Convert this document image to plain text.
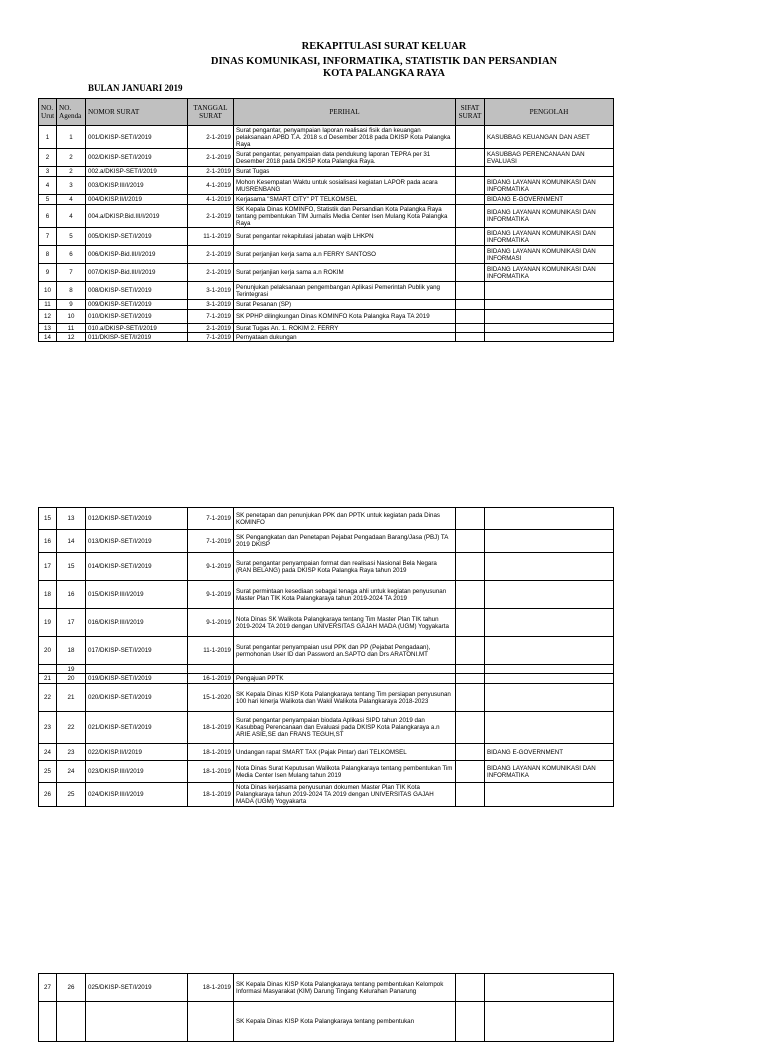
REKAPITULASI SURAT KELUAR
DINAS KOMUNIKASI, INFORMATIKA, STATISTIK DAN PERSANDIAN
KOTA PALANGKA RAYA
BULAN JANUARI 2019
NO. Urut	NO. Agenda	NOMOR SURAT	TANGGAL SURAT	PERIHAL	SIFAT SURAT	PENGOLAH
1	1	001/DKISP-SET/I/2019	2-1-2019	Surat pengantar, penyampaian laporan realisasi fisik dan keuangan pelaksanaan APBD T.A. 2018 s.d Desember 2018 pada DKISP Kota Palangka Raya		KASUBBAG KEUANGAN DAN ASET
2	2	002/DKISP-SET/I/2019	2-1-2019	Surat pengantar, penyampaian data pendukung laporan TEPRA per 31 Desember 2018 pada DKISP Kota Palangka Raya.		KASUBBAG PERENCANAAN DAN EVALUASI
3	2	002.a/DKISP-SET/I/2019	2-1-2019	Surat Tugas		
4	3	003/DKISP.III/I/2019	4-1-2019	Mohon Kesempatan Waktu untuk sosialisasi kegiatan LAPOR pada acara MUSRENBANG		BIDANG LAYANAN KOMUNIKASI DAN INFORMATIKA
5	4	004/DKISP.II/I/2019	4-1-2019	Kerjasama "SMART CITY" PT TELKOMSEL		BIDANG E-GOVERNMENT
6	4	004.a/DKISP.Bid.III/I/2019	2-1-2019	SK Kepala Dinas KOMINFO, Statistik dan Persandian Kota Palangka Raya tentang pembentukan TIM Jurnalis Media Center Isen Mulang Kota Palangka Raya		BIDANG LAYANAN KOMUNIKASI DAN INFORMATIKA
7	5	005/DKISP-SET/I/2019	11-1-2019	Surat pengantar rekapitulasi jabatan wajib LHKPN		BIDANG LAYANAN KOMUNIKASI DAN INFORMATIKA
8	6	006/DKISP-Bid.III/I/2019	2-1-2019	Surat perjanjian kerja sama a.n FERRY SANTOSO		BIDANG LAYANAN KOMUNIKASI DAN INFORMASI
9	7	007/DKISP-Bid.III/I/2019	2-1-2019	Surat perjanjian kerja sama a.n ROKIM		BIDANG LAYANAN KOMUNIKASI DAN INFORMATIKA
10	8	008/DKISP-SET/I/2019	3-1-2019	Penunjukan pelaksanaan pengembangan Aplikasi Pemerintah Publik yang Terintegrasi		
11	9	009/DKISP-SET/I/2019	3-1-2019	Surat Pesanan (SP)		
12	10	010/DKISP-SET/I/2019	7-1-2019	SK PPHP dilingkungan Dinas KOMINFO Kota Palangka Raya TA 2019		
13	11	010.a/DKISP-SET/I/2019	2-1-2019	Surat Tugas An. 1. ROKIM 2. FERRY		
14	12	011/DKISP-SET/I/2019	7-1-2019	Pernyataan dukungan		
15	13	012/DKISP-SET/I/2019	7-1-2019	SK penetapan dan penunjukan PPK dan PPTK untuk kegiatan pada Dinas KOMINFO		
16	14	013/DKISP-SET/I/2019	7-1-2019	SK Pengangkatan dan Penetapan Pejabat Pengadaan Barang/Jasa (PBJ) TA 2019 DKISP		
17	15	014/DKISP-SET/I/2019	9-1-2019	Surat pengantar penyampaian format dan realisasi Nasional Bela Negara (RAN BELANG) pada DKISP Kota Palangka Raya tahun 2019		
18	16	015/DKISP.III/I/2019	9-1-2019	Surat permintaan kesediaan sebagai tenaga ahli untuk kegiatan penyusunan Master Plan TIK Kota Palangkaraya tahun 2019-2024 TA 2019		
19	17	016/DKISP.III/I/2019	9-1-2019	Nota Dinas SK Walikota Palangkaraya tentang Tim Master Plan TIK tahun 2019-2024 TA 2019 dengan UNIVERSITAS GAJAH MADA (UGM) Yogyakarta		
20	18	017/DKISP-SET/I/2019	11-1-2019	Surat pengantar penyampaian usul PPK dan PP (Pejabat Pengadaan), permohonan User ID dan Password an.SAPTO dan Drs ARATONI.MT		
	19					
21	20	019/DKISP-SET/I/2019	16-1-2019	Pengajuan PPTK		
22	21	020/DKISP-SET/I/2019	15-1-2020	SK Kepala Dinas KISP Kota Palangkaraya tentang Tim persiapan penyusunan 100 hari kinerja Walikota dan Wakil Walikota Palangkaraya 2018-2023		
23	22	021/DKISP-SET/I/2019	18-1-2019	Surat pengantar penyampaian biodata Aplikasi SIPD tahun 2019 dan Kasubbag Perencanaan dan Evaluasi pada DKISP Kota Palangkaraya a.n ARIE ASIE,SE dan FRANS TEGUH,ST		
24	23	022/DKISP.II/I/2019	18-1-2019	Undangan rapat SMART TAX (Pajak Pintar) dari TELKOMSEL		BIDANG E-GOVERNMENT
25	24	023/DKISP.III/I/2019	18-1-2019	Nota Dinas Surat Keputusan Walikota Palangkaraya tentang pembentukan Tim Media Center Isen Mulang tahun 2019		BIDANG LAYANAN KOMUNIKASI DAN INFORMATIKA
26	25	024/DKISP.III/I/2019	18-1-2019	Nota Dinas kerjasama penyusunan dokumen Master Plan TIK Kota Palangkaraya tahun 2019-2024 TA 2019 dengan UNIVERSITAS GAJAH MADA (UGM) Yogyakarta		
27	26	025/DKISP-SET/I/2019	18-1-2019	SK Kepala Dinas KISP Kota Palangkaraya tentang pembentukan Kelompok Informasi Masyarakat (KIM) Darung Tingang Kelurahan Panarung		
				SK Kepala Dinas KISP Kota Palangkaraya tentang pembentukan		
